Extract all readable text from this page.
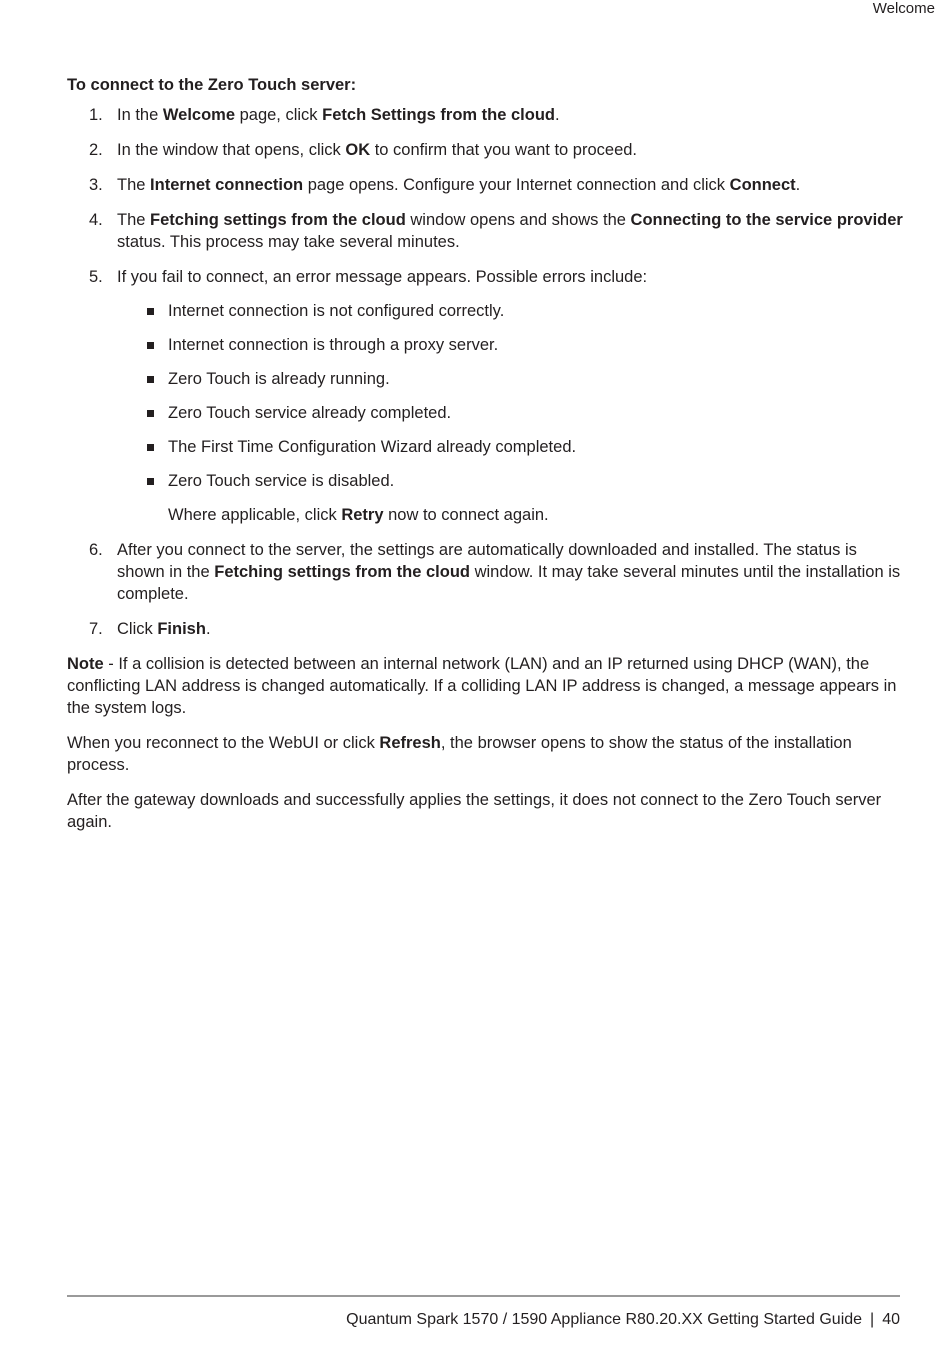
Welcome

To connect to the Zero Touch server:

1. In the Welcome page, click Fetch Settings from the cloud.
2. In the window that opens, click OK to confirm that you want to proceed.
3. The Internet connection page opens. Configure your Internet connection and click Connect.
4. The Fetching settings from the cloud window opens and shows the Connecting to the service provider status. This process may take several minutes.
5. If you fail to connect, an error message appears. Possible errors include:
Internet connection is not configured correctly.
Internet connection is through a proxy server.
Zero Touch is already running.
Zero Touch service already completed.
The First Time Configuration Wizard already completed.
Zero Touch service is disabled.
Where applicable, click Retry now to connect again.
6. After you connect to the server, the settings are automatically downloaded and installed. The status is shown in the Fetching settings from the cloud window. It may take several minutes until the installation is complete.
7. Click Finish.

Note - If a collision is detected between an internal network (LAN) and an IP returned using DHCP (WAN), the conflicting LAN address is changed automatically. If a colliding LAN IP address is changed, a message appears in the system logs.

When you reconnect to the WebUI or click Refresh, the browser opens to show the status of the installation process.

After the gateway downloads and successfully applies the settings, it does not connect to the Zero Touch server again.

Quantum Spark 1570 / 1590 Appliance R80.20.XX Getting Started Guide | 40
